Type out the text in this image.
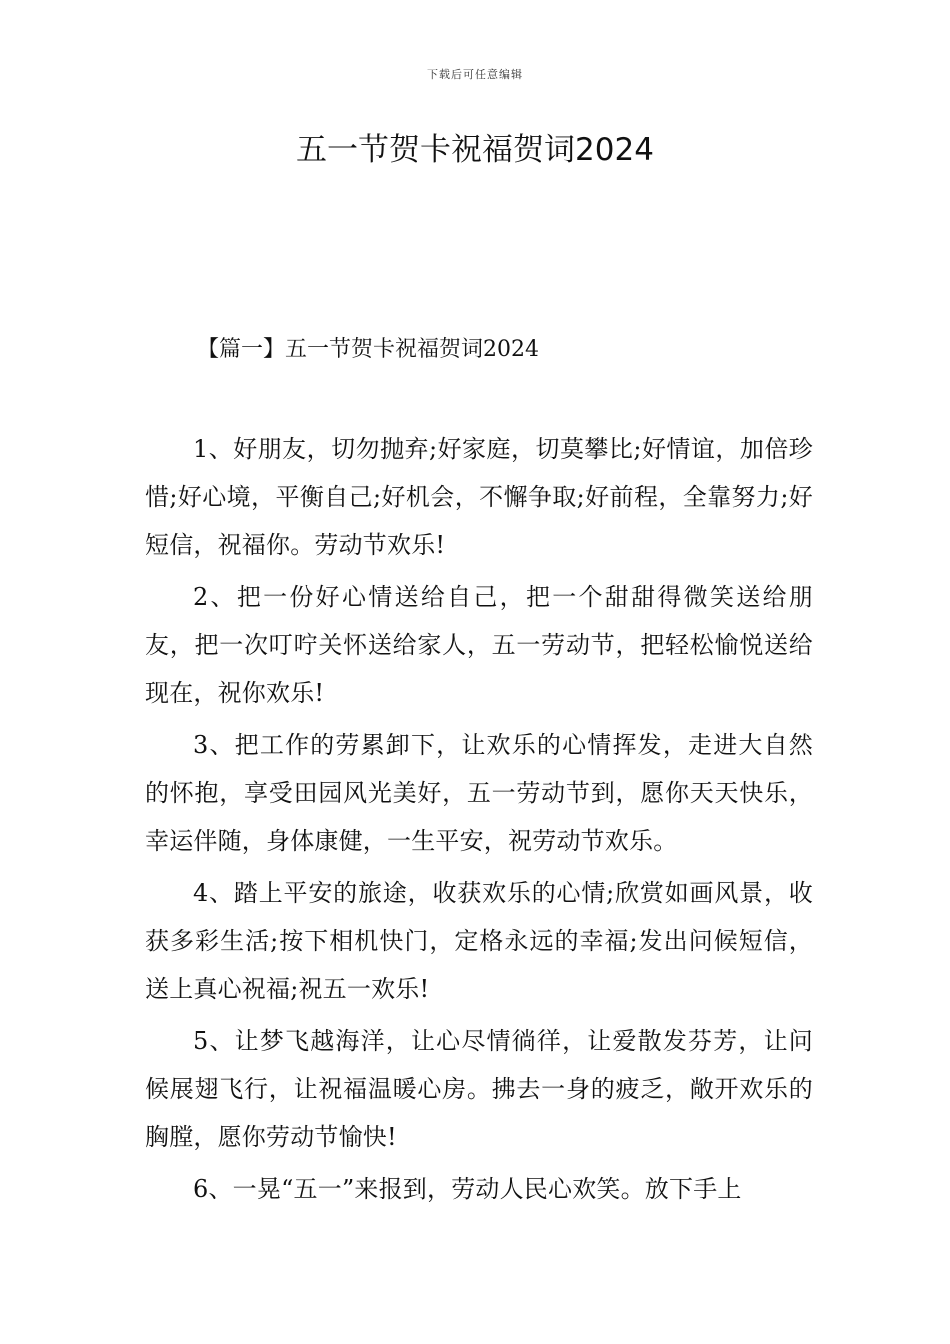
下载后可任意编辑
五一节贺卡祝福贺词2024
【篇一】五一节贺卡祝福贺词2024

1、好朋友，切勿抛弃;好家庭，切莫攀比;好情谊，加倍珍惜;好心境，平衡自己;好机会，不懈争取;好前程，全靠努力;好短信，祝福你。劳动节欢乐!

2、把一份好心情送给自己，把一个甜甜得微笑送给朋友，把一次叮咛关怀送给家人，五一劳动节，把轻松愉悦送给现在，祝你欢乐!

3、把工作的劳累卸下，让欢乐的心情挥发，走进大自然的怀抱，享受田园风光美好，五一劳动节到，愿你天天快乐，幸运伴随，身体康健，一生平安，祝劳动节欢乐。

4、踏上平安的旅途，收获欢乐的心情;欣赏如画风景，收获多彩生活;按下相机快门，定格永远的幸福;发出问候短信，送上真心祝福;祝五一欢乐!

5、让梦飞越海洋，让心尽情徜徉，让爱散发芬芳，让问候展翅飞行，让祝福温暖心房。拂去一身的疲乏，敞开欢乐的胸膛，愿你劳动节愉快!

6、一晃“五一”来报到，劳动人民心欢笑。放下手上
